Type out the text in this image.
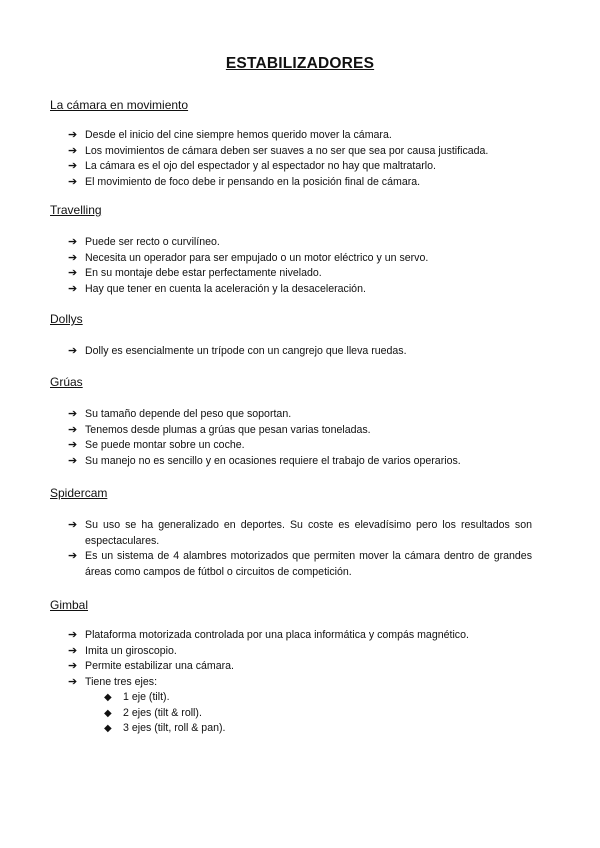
ESTABILIZADORES
La cámara en movimiento
➔ Desde el inicio del cine siempre hemos querido mover la cámara.
➔ Los movimientos de cámara deben ser suaves a no ser que sea por causa justificada.
➔ La cámara es el ojo del espectador y al espectador no hay que maltratarlo.
➔ El movimiento de foco debe ir pensando en la posición final de cámara.
Travelling
➔ Puede ser recto o curvilíneo.
➔ Necesita un operador para ser empujado o un motor eléctrico y un servo.
➔ En su montaje debe estar perfectamente nivelado.
➔ Hay que tener en cuenta la aceleración y la desaceleración.
Dollys
➔ Dolly es esencialmente un trípode con un cangrejo que lleva ruedas.
Grúas
➔ Su tamaño depende del peso que soportan.
➔ Tenemos desde plumas a grúas que pesan varias toneladas.
➔ Se puede montar sobre un coche.
➔ Su manejo no es sencillo y en ocasiones requiere el trabajo de varios operarios.
Spidercam
➔ Su uso se ha generalizado en deportes. Su coste es elevadísimo pero los resultados son espectaculares.
➔ Es un sistema de 4 alambres motorizados que permiten mover la cámara dentro de grandes áreas como campos de fútbol o circuitos de competición.
Gimbal
➔ Plataforma motorizada controlada por una placa informática y compás magnético.
➔ Imita un giroscopio.
➔ Permite estabilizar una cámara.
➔ Tiene tres ejes:
◆ 1 eje (tilt).
◆ 2 ejes (tilt & roll).
◆ 3 ejes (tilt, roll & pan).
